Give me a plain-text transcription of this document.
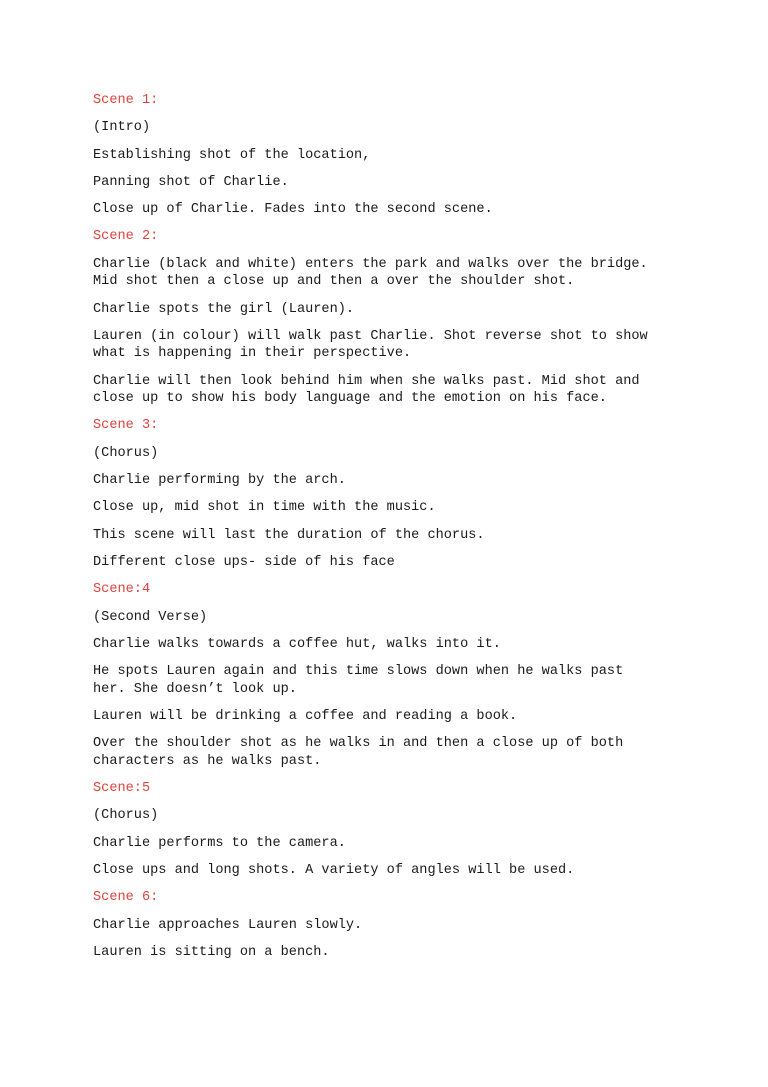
Scene 1:

(Intro)

Establishing shot of the location,

Panning shot of Charlie.

Close up of Charlie. Fades into the second scene.

Scene 2:

Charlie (black and white) enters the park and walks over the bridge.
Mid shot then a close up and then a over the shoulder shot.

Charlie spots the girl (Lauren).

Lauren (in colour) will walk past Charlie. Shot reverse shot to show
what is happening in their perspective.

Charlie will then look behind him when she walks past. Mid shot and
close up to show his body language and the emotion on his face.

Scene 3:

(Chorus)

Charlie performing by the arch.

Close up, mid shot in time with the music.

This scene will last the duration of the chorus.

Different close ups- side of his face

Scene:4

(Second Verse)

Charlie walks towards a coffee hut, walks into it.

He spots Lauren again and this time slows down when he walks past
her. She doesn’t look up.

Lauren will be drinking a coffee and reading a book.

Over the shoulder shot as he walks in and then a close up of both
characters as he walks past.

Scene:5

(Chorus)

Charlie performs to the camera.

Close ups and long shots. A variety of angles will be used.

Scene 6:

Charlie approaches Lauren slowly.

Lauren is sitting on a bench.
